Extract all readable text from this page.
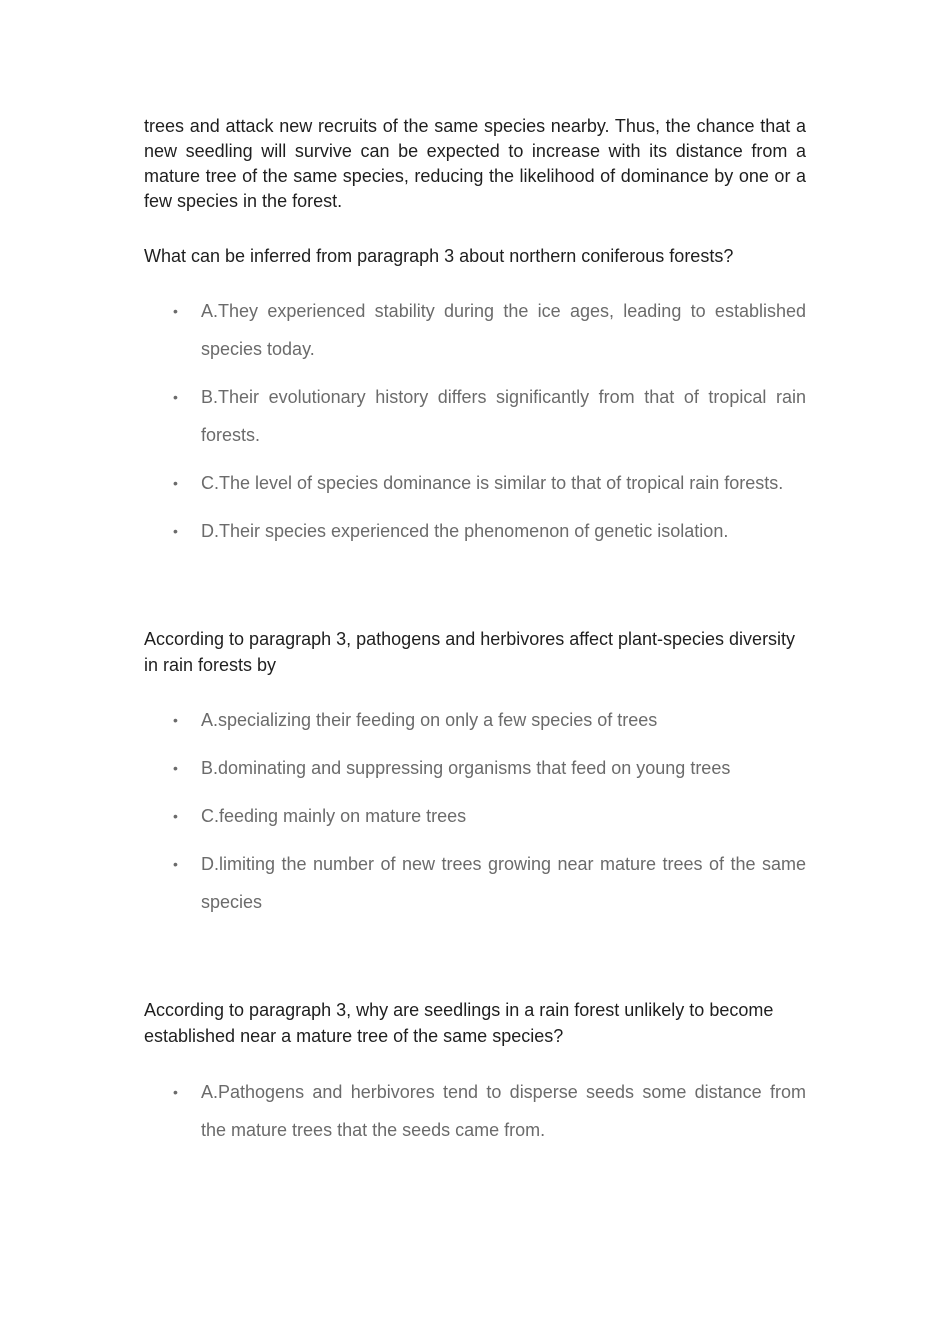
trees and attack new recruits of the same species nearby. Thus, the chance that a new seedling will survive can be expected to increase with its distance from a mature tree of the same species, reducing the likelihood of dominance by one or a few species in the forest.

What can be inferred from paragraph 3 about northern coniferous forests?

• A.They experienced stability during the ice ages, leading to established species today.
• B.Their evolutionary history differs significantly from that of tropical rain forests.
• C.The level of species dominance is similar to that of tropical rain forests.
• D.Their species experienced the phenomenon of genetic isolation.

According to paragraph 3, pathogens and herbivores affect plant-species diversity in rain forests by

• A.specializing their feeding on only a few species of trees
• B.dominating and suppressing organisms that feed on young trees
• C.feeding mainly on mature trees
• D.limiting the number of new trees growing near mature trees of the same species

According to paragraph 3, why are seedlings in a rain forest unlikely to become established near a mature tree of the same species?

• A.Pathogens and herbivores tend to disperse seeds some distance from the mature trees that the seeds came from.
